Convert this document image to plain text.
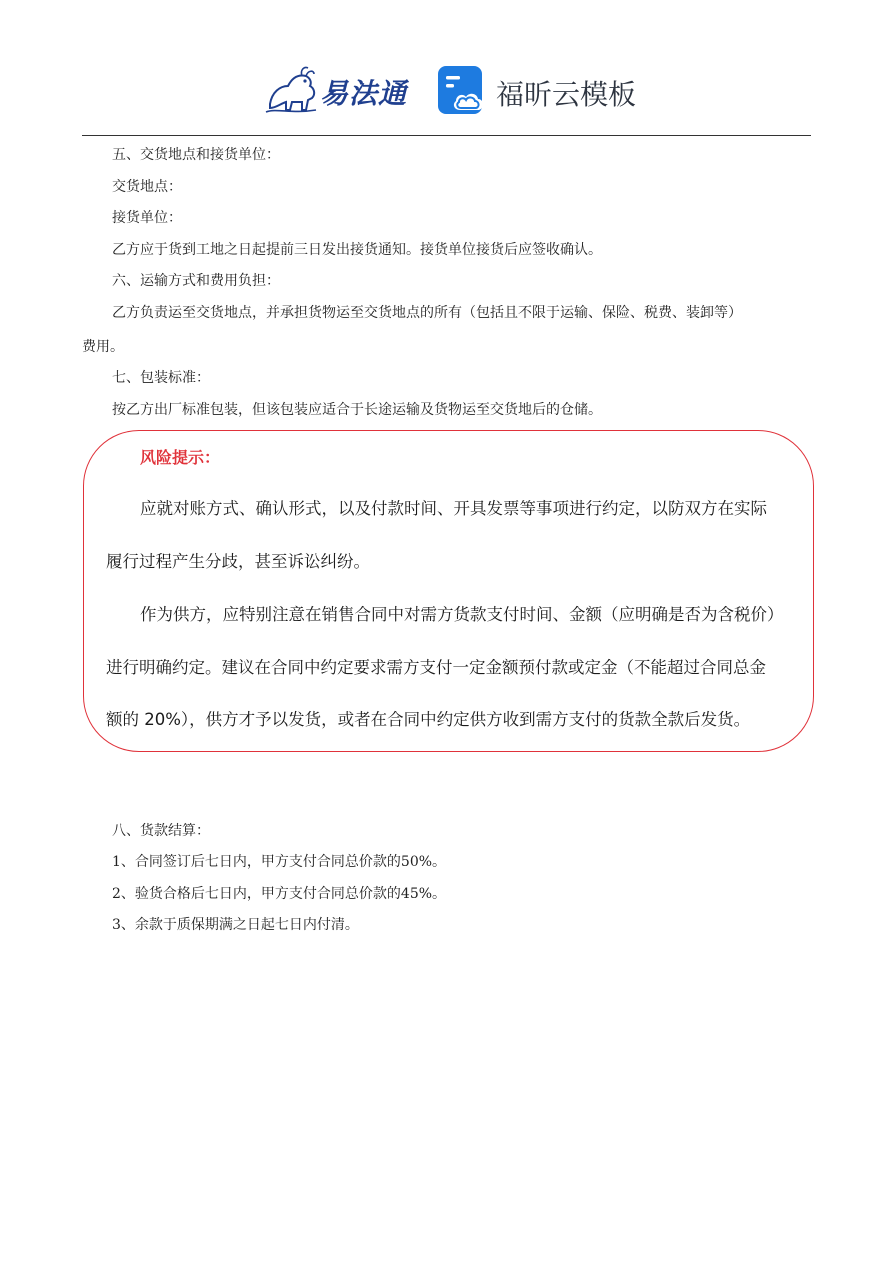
易法通	福昕云模板
五、交货地点和接货单位：
交货地点：
接货单位：
乙方应于货到工地之日起提前三日发出接货通知。接货单位接货后应签收确认。
六、运输方式和费用负担：
乙方负责运至交货地点，并承担货物运至交货地点的所有（包括且不限于运输、保险、税费、装卸等）
费用。
七、包装标准：
按乙方出厂标准包装，但该包装应适合于长途运输及货物运至交货地后的仓储。
风险提示：
应就对账方式、确认形式，以及付款时间、开具发票等事项进行约定，以防双方在实际
履行过程产生分歧，甚至诉讼纠纷。
作为供方，应特别注意在销售合同中对需方货款支付时间、金额（应明确是否为含税价）
进行明确约定。建议在合同中约定要求需方支付一定金额预付款或定金（不能超过合同总金
额的 20%），供方才予以发货，或者在合同中约定供方收到需方支付的货款全款后发货。
八、货款结算：
1、合同签订后七日内，甲方支付合同总价款的50%。
2、验货合格后七日内，甲方支付合同总价款的45%。
3、余款于质保期满之日起七日内付清。
